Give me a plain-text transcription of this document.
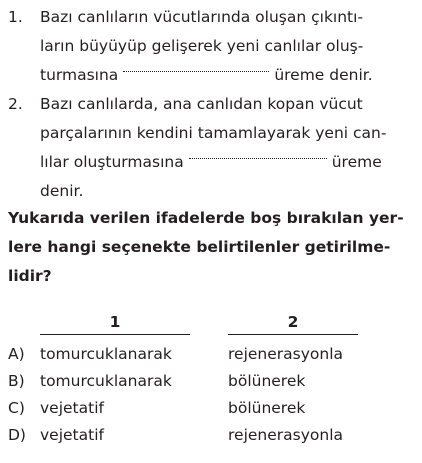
1. Bazı canlıların vücutlarında oluşan çıkıntı-
ların büyüyüp gelişerek yeni canlılar oluş-
turmasına	üreme denir.
2. Bazı canlılarda, ana canlıdan kopan vücut
parçalarının kendini tamamlayarak yeni can-
lılar oluşturmasına	üreme
denir.
Yukarıda verilen ifadelerde boş bırakılan yer-
lere hangi seçenekte belirtilenler getirilme-
lidir?
1	2
A) tomurcuklanarak	rejenerasyonla
B) tomurcuklanarak	bölünerek
C) vejetatif	bölünerek
D) vejetatif	rejenerasyonla
